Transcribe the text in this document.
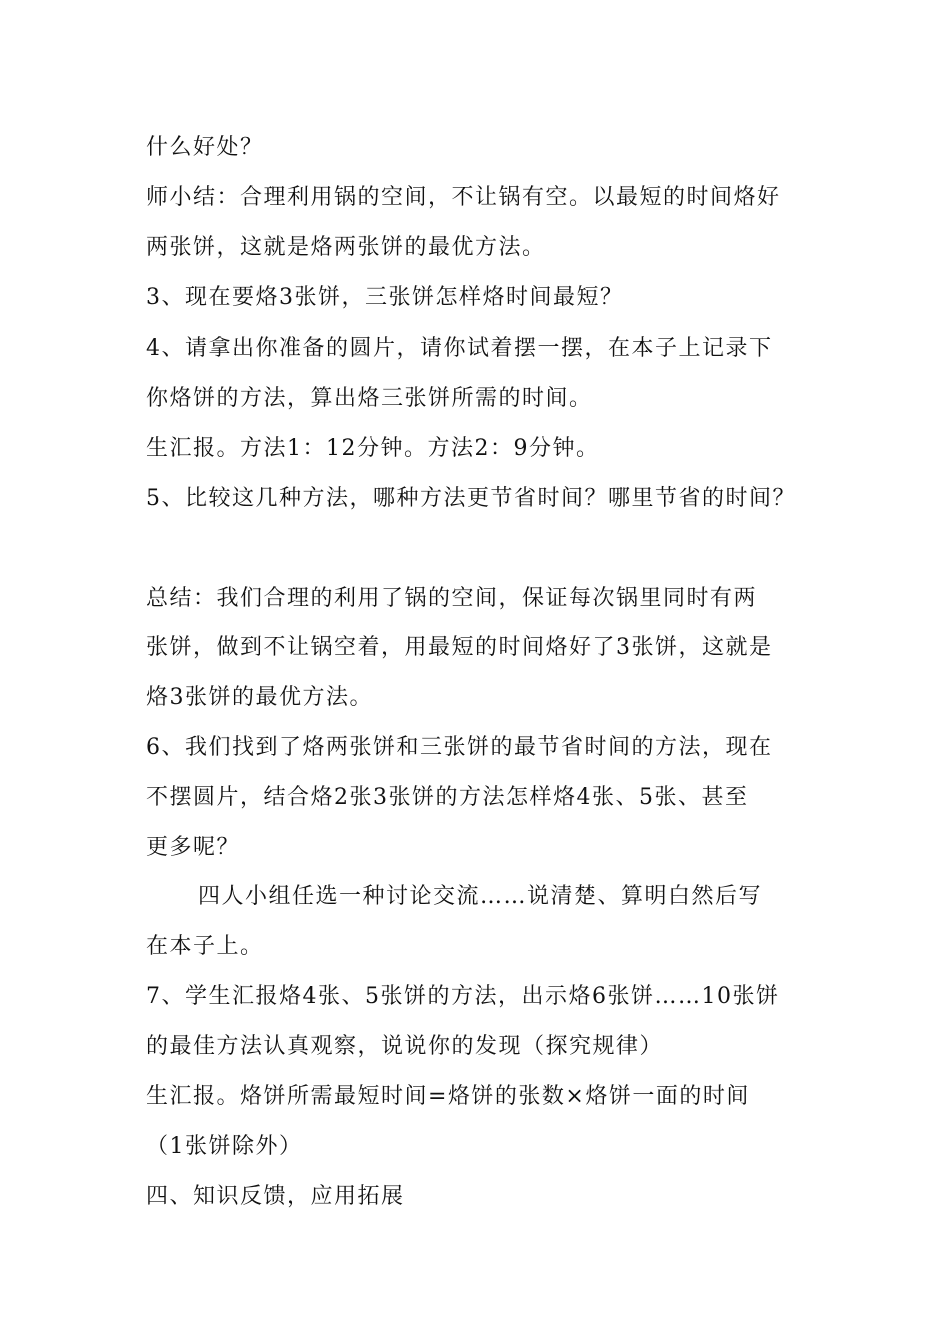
什么好处？
师小结：合理利用锅的空间，不让锅有空。以最短的时间烙好
两张饼，这就是烙两张饼的最优方法。
3、现在要烙3张饼，三张饼怎样烙时间最短？
4、请拿出你准备的圆片，请你试着摆一摆，在本子上记录下
你烙饼的方法，算出烙三张饼所需的时间。
生汇报。方法1：12分钟。方法2：9分钟。
5、比较这几种方法，哪种方法更节省时间？哪里节省的时间？
总结：我们合理的利用了锅的空间，保证每次锅里同时有两
张饼，做到不让锅空着，用最短的时间烙好了3张饼，这就是
烙3张饼的最优方法。
6、我们找到了烙两张饼和三张饼的最节省时间的方法，现在
不摆圆片，结合烙2张3张饼的方法怎样烙4张、5张、甚至
更多呢？
四人小组任选一种讨论交流……说清楚、算明白然后写
在本子上。
7、学生汇报烙4张、5张饼的方法，出示烙6张饼……10张饼
的最佳方法认真观察，说说你的发现（探究规律）
生汇报。烙饼所需最短时间=烙饼的张数×烙饼一面的时间
（1张饼除外）
四、知识反馈，应用拓展
